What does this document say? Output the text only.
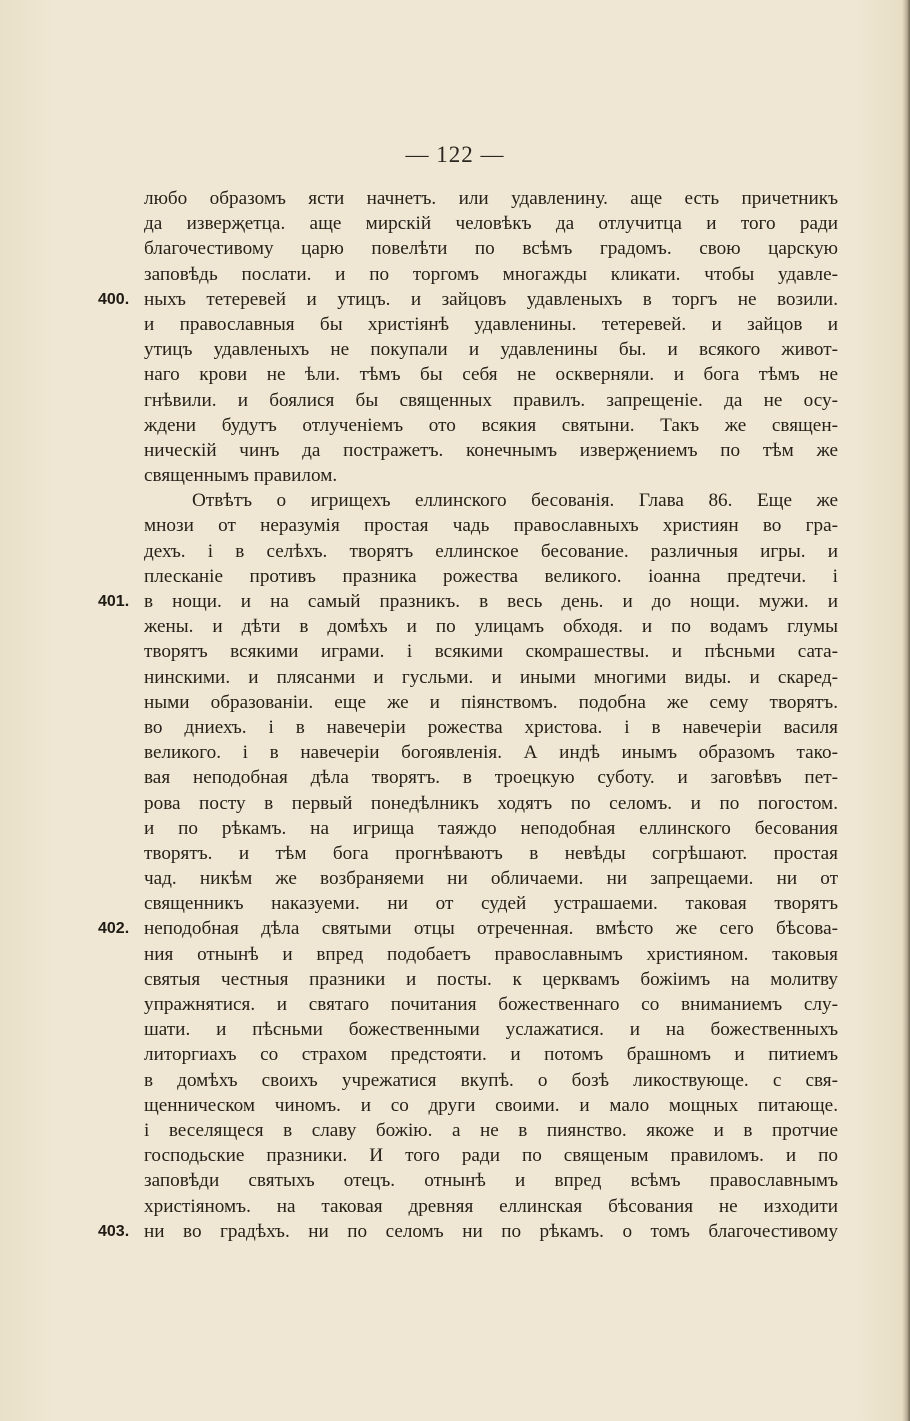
— 122 —
любо образомъ ясти начнетъ. или удавленину. аще есть причетникъ
да изверҗетца. аще мирскій человѣкъ да отлучитца и того ради
благочестивому царю повелѣти по всѣмъ градомъ. свою царскую
заповѣдь послати. и по торгомъ многажды кликати. чтобы удавле-
400. ныхъ тетеревей и утицъ. и зайцовъ удавленыхъ в торгъ не возили.
и православныя бы христіянѣ удавленины. тетеревей. и зайцов и
утицъ удавленыхъ не покупали и удавленины бы. и всякого живот-
наго крови не ѣли. тѣмъ бы себя не оскверняли. и бога тѣмъ не
гнѣвили. и боялися бы священных правилъ. запрещеніе. да не осу-
ждени будутъ отлученіемъ ото всякия святыни. Такъ же священ-
ническій чинъ да постражетъ. конечнымъ изверҗениемъ по тѣм же
священнымъ правилом.
Отвѣтъ о игрищехъ еллинского бесованія. Глава 86. Еще же
мнози от неразумія простая чадь православныхъ християн во гра-
дехъ. і в селѣхъ. творятъ еллинское бесование. различныя игры. и
плесканіе противъ празника рожества великого. іоанна предтечи. і
401. в нощи. и на самый празникъ. в весь день. и до нощи. мужи. и
жены. и дѣти в домѣхъ и по улицамъ обходя. и по водамъ глумы
творятъ всякими играми. і всякими скомрашествы. и пѣсньми сата-
нинскими. и плясанми и гусльми. и иными многими виды. и скаред-
ными образованіи. еще же и піянствомъ. подобна же сему творятъ.
во дниехъ. і в навечеріи рожества христова. і в навечеріи василя
великого. і в навечеріи богоявленія. А индѣ инымъ образомъ тако-
вая неподобная дѣла творятъ. в троецкую суботу. и заговѣвъ пет-
рова посту в первый понедѣлникъ ходятъ по селомъ. и по погостом.
и по рѣкамъ. на игрища таяждо неподобная еллинского бесования
творятъ. и тѣм бога прогнѣваютъ в невѣды согрѣшают. простая
чад. никѣм же возбраняеми ни обличаеми. ни запрещаеми. ни от
священникъ наказуеми. ни от судей устрашаеми. таковая творятъ
402. неподобная дѣла святыми отцы отреченная. вмѣсто же сего бѣсова-
ния отнынѣ и впред подобаетъ православнымъ християном. таковыя
святыя честныя празники и посты. к церквамъ божіимъ на молитву
упражнятися. и святаго почитания божественнаго со вниманиемъ слу-
шати. и пѣсньми божественными услажатися. и на божественныхъ
литоргиахъ со страхом предстояти. и потомъ брашномъ и питиемъ
в домѣхъ своихъ учрежатися вкупѣ. о бозѣ ликоствующе. с свя-
щенническом чиномъ. и со други своими. и мало мощных питающе.
і веселящеся в славу божію. а не в пиянство. якоже и в протчие
господьские празники. И того ради по священым правиломъ. и по
заповѣди святыхъ отецъ. отнынѣ и впред всѣмъ православнымъ
христіяномъ. на таковая древняя еллинская бѣсования не изходити
403. ни во градѣхъ. ни по селомъ ни по рѣкамъ. о томъ благочестивому
